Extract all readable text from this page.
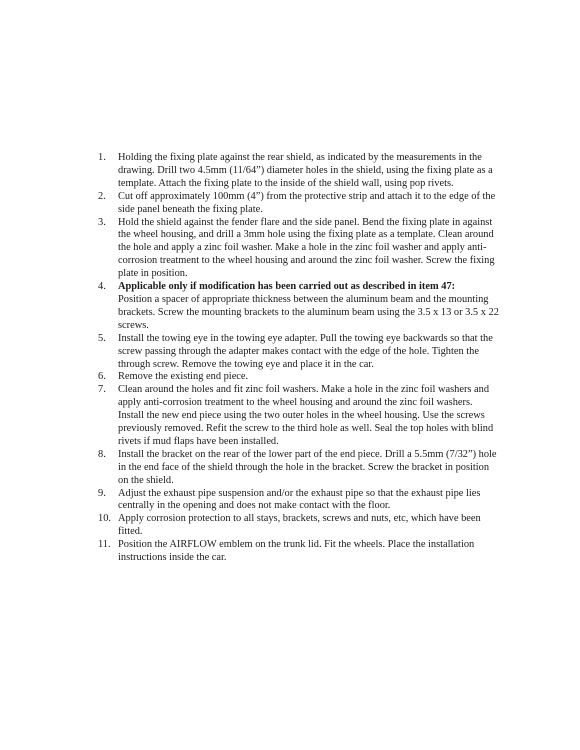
1.	Holding the fixing plate against the rear shield, as indicated by the measurements in the drawing. Drill two 4.5mm (11/64”) diameter holes in the shield, using the fixing plate as a template. Attach the fixing plate to the inside of the shield wall, using pop rivets.
2.	Cut off approximately 100mm (4”) from the protective strip and attach it to the edge of the side panel beneath the fixing plate.
3.	Hold the shield against the fender flare and the side panel. Bend the fixing plate in against the wheel housing, and drill a 3mm hole using the fixing plate as a template. Clean around the hole and apply a zinc foil washer. Make a hole in the zinc foil washer and apply anti-corrosion treatment to the wheel housing and around the zinc foil washer. Screw the fixing plate in position.
4.	Applicable only if modification has been carried out as described in item 47:
Position a spacer of appropriate thickness between the aluminum beam and the mounting brackets. Screw the mounting brackets to the aluminum beam using the 3.5 x 13 or 3.5 x 22 screws.
5.	Install the towing eye in the towing eye adapter. Pull the towing eye backwards so that the screw passing through the adapter makes contact with the edge of the hole. Tighten the through screw. Remove the towing eye and place it in the car.
6.	Remove the existing end piece.
7.	Clean around the holes and fit zinc foil washers. Make a hole in the zinc foil washers and apply anti-corrosion treatment to the wheel housing and around the zinc foil washers. Install the new end piece using the two outer holes in the wheel housing. Use the screws previously removed. Refit the screw to the third hole as well. Seal the top holes with blind rivets if mud flaps have been installed.
8.	Install the bracket on the rear of the lower part of the end piece. Drill a 5.5mm (7/32”) hole in the end face of the shield through the hole in the bracket. Screw the bracket in position on the shield.
9.	Adjust the exhaust pipe suspension and/or the exhaust pipe so that the exhaust pipe lies centrally in the opening and does not make contact with the floor.
10. Apply corrosion protection to all stays, brackets, screws and nuts, etc, which have been fitted.
11. Position the AIRFLOW emblem on the trunk lid. Fit the wheels. Place the installation instructions inside the car.
